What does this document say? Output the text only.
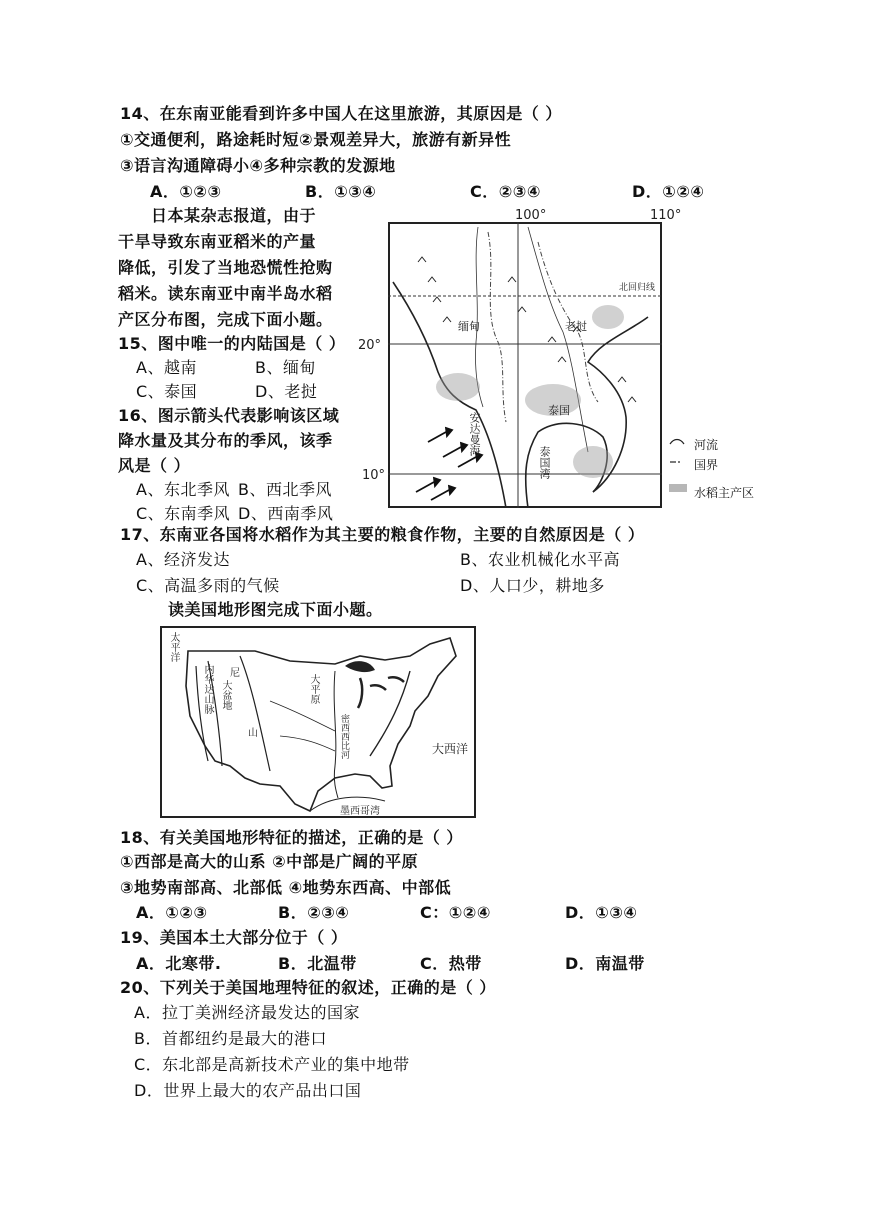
14、在东南亚能看到许多中国人在这里旅游，其原因是（ ）
①交通便利，路途耗时短②景观差异大，旅游有新异性
③语言沟通障碍小④多种宗教的发源地
A．①②③	B．①③④	C．②③④	D．①②④
　　日本某杂志报道，由于
干旱导致东南亚稻米的产量
降低，引发了当地恐慌性抢购
稻米。读东南亚中南半岛水稻
产区分布图，完成下面小题。
15、图中唯一的内陆国是（ ）
A、越南	B、缅甸
C、泰国	D、老挝
16、图示箭头代表影响该区域
降水量及其分布的季风，该季
风是（ ）
A、东北季风 B、西北季风
C、东南季风 D、西南季风
100°	110°
北回归线
20°
10°
缅甸	老挝
泰国
安达曼海
泰国湾
河流
国界
水稻主产区
17、东南亚各国将水稻作为其主要的粮食作物，主要的自然原因是（ ）
A、经济发达	B、农业机械化水平高
C、高温多雨的气候	D、人口少，耕地多
读美国地形图完成下面小题。
太平洋
内华达山脉 尼
大盆地
山
大平原
密西西比河	大西洋
墨西哥湾
18、有关美国地形特征的描述，正确的是（ ）
①西部是高大的山系 ②中部是广阔的平原
③地势南部高、北部低 ④地势东西高、中部低
A．①②③	B．②③④	C：①②④	D．①③④
19、美国本土大部分位于（ ）
A．北寒带.	B．北温带	C．热带	D．南温带
20、下列关于美国地理特征的叙述，正确的是（ ）
A．拉丁美洲经济最发达的国家
B．首都纽约是最大的港口
C．东北部是高新技术产业的集中地带
D．世界上最大的农产品出口国
